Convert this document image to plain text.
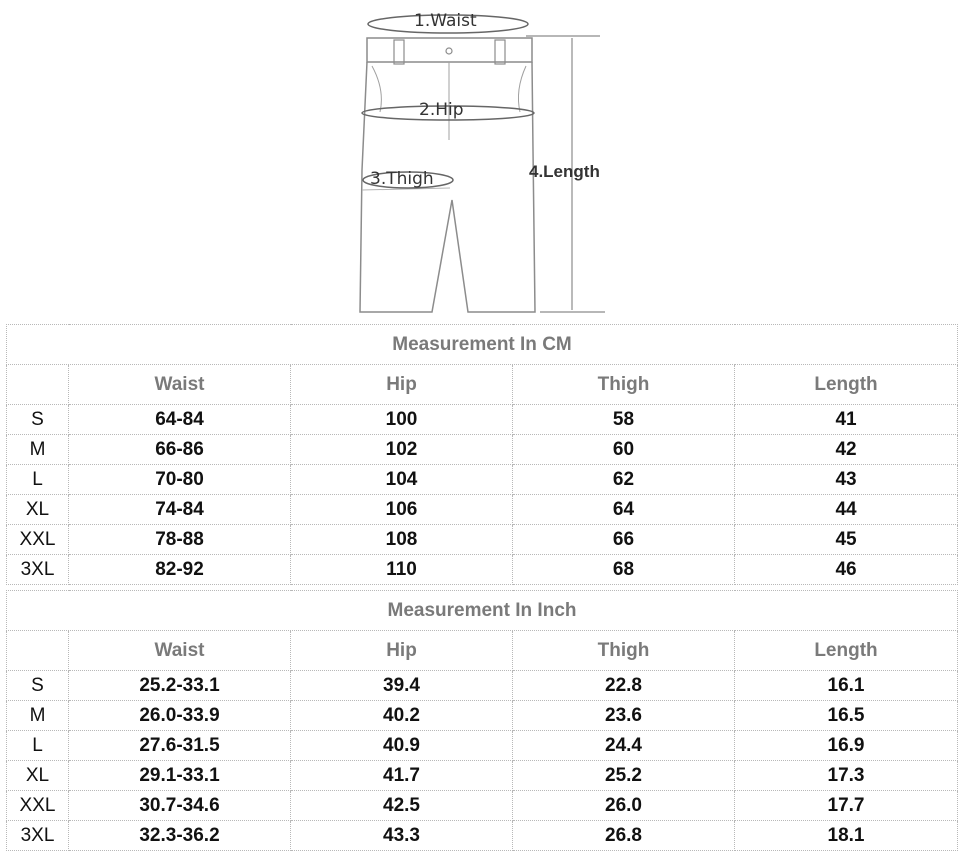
1.Waist
2.Hip
3.Thigh	4.Length
Measurement In CM				
	Waist	Hip	Thigh	Length
S	64-84	100	58	41
M	66-86	102	60	42
L	70-80	104	62	43
XL	74-84	106	64	44
XXL	78-88	108	66	45
3XL	82-92	110	68	46
Measurement In Inch				
	Waist	Hip	Thigh	Length
S	25.2-33.1	39.4	22.8	16.1
M	26.0-33.9	40.2	23.6	16.5
L	27.6-31.5	40.9	24.4	16.9
XL	29.1-33.1	41.7	25.2	17.3
XXL	30.7-34.6	42.5	26.0	17.7
3XL	32.3-36.2	43.3	26.8	18.1
